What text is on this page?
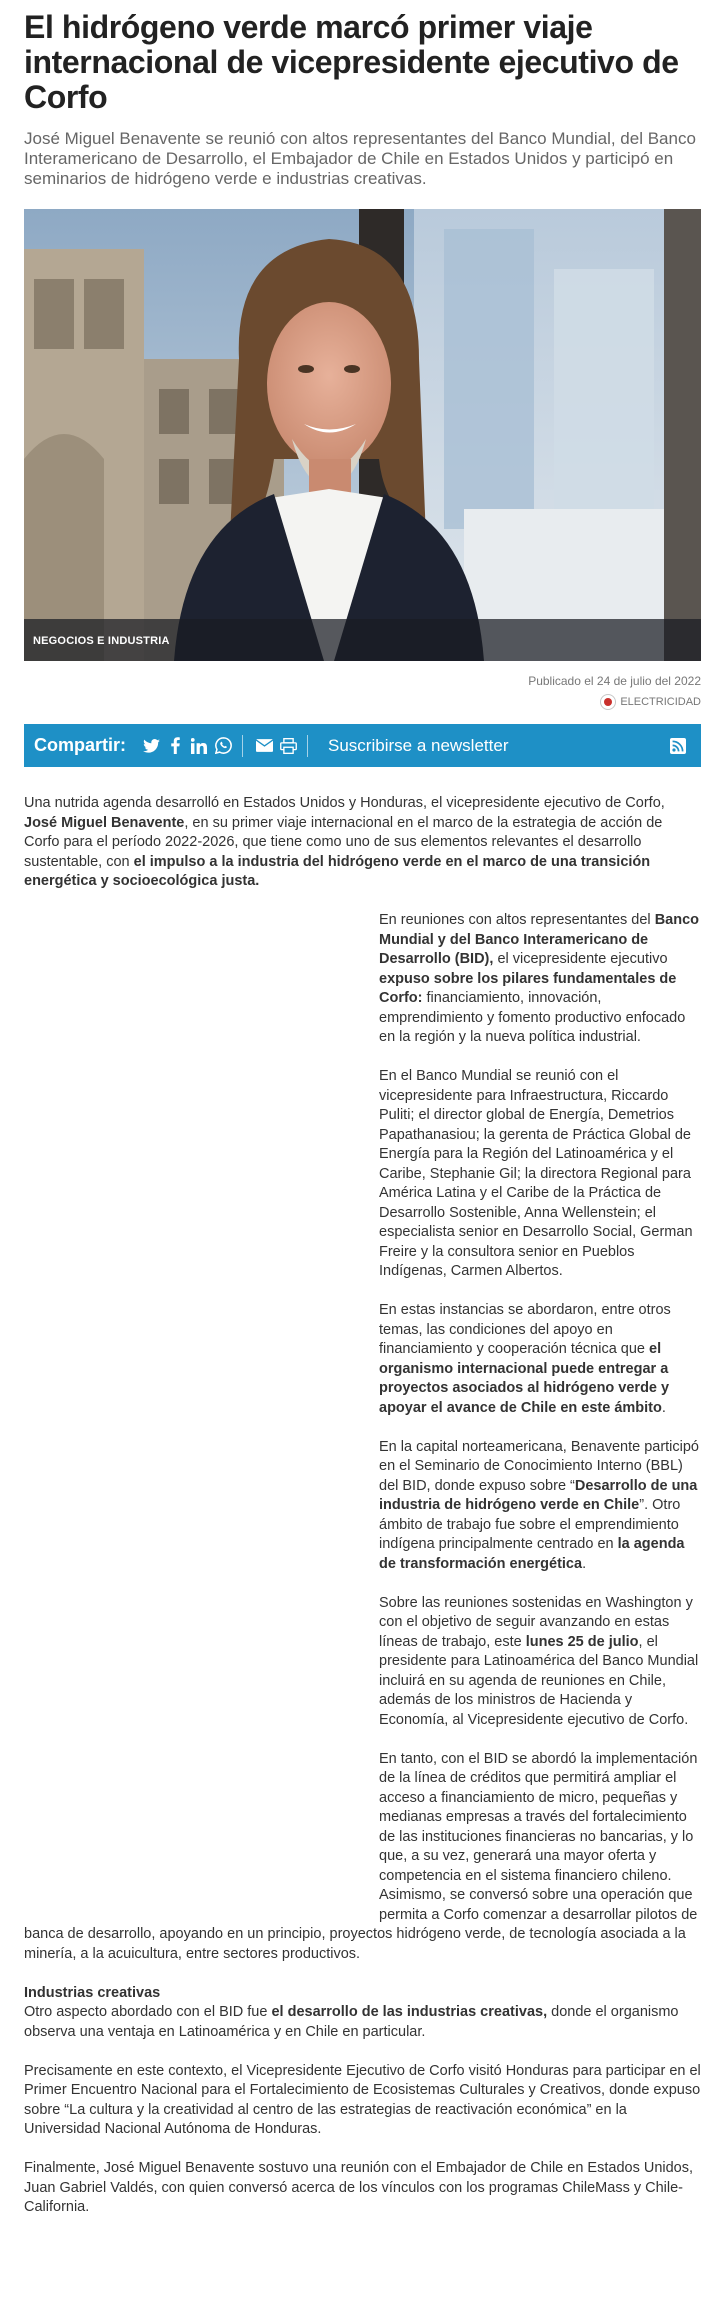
El hidrógeno verde marcó primer viaje internacional de vicepresidente ejecutivo de Corfo

José Miguel Benavente se reunió con altos representantes del Banco Mundial, del Banco Interamericano de Desarrollo, el Embajador de Chile en Estados Unidos y participó en seminarios de hidrógeno verde e industrias creativas.

NEGOCIOS E INDUSTRIA
Publicado el 24 de julio del 2022
ELECTRICIDAD
Compartir:	Suscribirse a newsletter

Una nutrida agenda desarrolló en Estados Unidos y Honduras, el vicepresidente ejecutivo de Corfo, José Miguel Benavente, en su primer viaje internacional en el marco de la estrategia de acción de Corfo para el período 2022-2026, que tiene como uno de sus elementos relevantes el desarrollo sustentable, con el impulso a la industria del hidrógeno verde en el marco de una transición energética y socioecológica justa.

En reuniones con altos representantes del Banco Mundial y del Banco Interamericano de Desarrollo (BID), el vicepresidente ejecutivo expuso sobre los pilares fundamentales de Corfo: financiamiento, innovación, emprendimiento y fomento productivo enfocado en la región y la nueva política industrial.

En el Banco Mundial se reunió con el vicepresidente para Infraestructura, Riccardo Puliti; el director global de Energía, Demetrios Papathanasiou; la gerenta de Práctica Global de Energía para la Región del Latinoamérica y el Caribe, Stephanie Gil; la directora Regional para América Latina y el Caribe de la Práctica de Desarrollo Sostenible, Anna Wellenstein; el especialista senior en Desarrollo Social, German Freire y la consultora senior en Pueblos Indígenas, Carmen Albertos.

En estas instancias se abordaron, entre otros temas, las condiciones del apoyo en financiamiento y cooperación técnica que el organismo internacional puede entregar a proyectos asociados al hidrógeno verde y apoyar el avance de Chile en este ámbito.

En la capital norteamericana, Benavente participó en el Seminario de Conocimiento Interno (BBL) del BID, donde expuso sobre “Desarrollo de una industria de hidrógeno verde en Chile”. Otro ámbito de trabajo fue sobre el emprendimiento indígena principalmente centrado en la agenda de transformación energética.

Sobre las reuniones sostenidas en Washington y con el objetivo de seguir avanzando en estas líneas de trabajo, este lunes 25 de julio, el presidente para Latinoamérica del Banco Mundial incluirá en su agenda de reuniones en Chile, además de los ministros de Hacienda y Economía, al Vicepresidente ejecutivo de Corfo.

En tanto, con el BID se abordó la implementación de la línea de créditos que permitirá ampliar el acceso a financiamiento de micro, pequeñas y medianas empresas a través del fortalecimiento de las instituciones financieras no bancarias, y lo que, a su vez, generará una mayor oferta y competencia en el sistema financiero chileno. Asimismo, se conversó sobre una operación que permita a Corfo comenzar a desarrollar pilotos de banca de desarrollo, apoyando en un principio, proyectos hidrógeno verde, de tecnología asociada a la minería, a la acuicultura, entre sectores productivos.

Industrias creativas

Otro aspecto abordado con el BID fue el desarrollo de las industrias creativas, donde el organismo observa una ventaja en Latinoamérica y en Chile en particular.

Precisamente en este contexto, el Vicepresidente Ejecutivo de Corfo visitó Honduras para participar en el Primer Encuentro Nacional para el Fortalecimiento de Ecosistemas Culturales y Creativos, donde expuso sobre “La cultura y la creatividad al centro de las estrategias de reactivación económica” en la Universidad Nacional Autónoma de Honduras.

Finalmente, José Miguel Benavente sostuvo una reunión con el Embajador de Chile en Estados Unidos, Juan Gabriel Valdés, con quien conversó acerca de los vínculos con los programas ChileMass y Chile-California.
